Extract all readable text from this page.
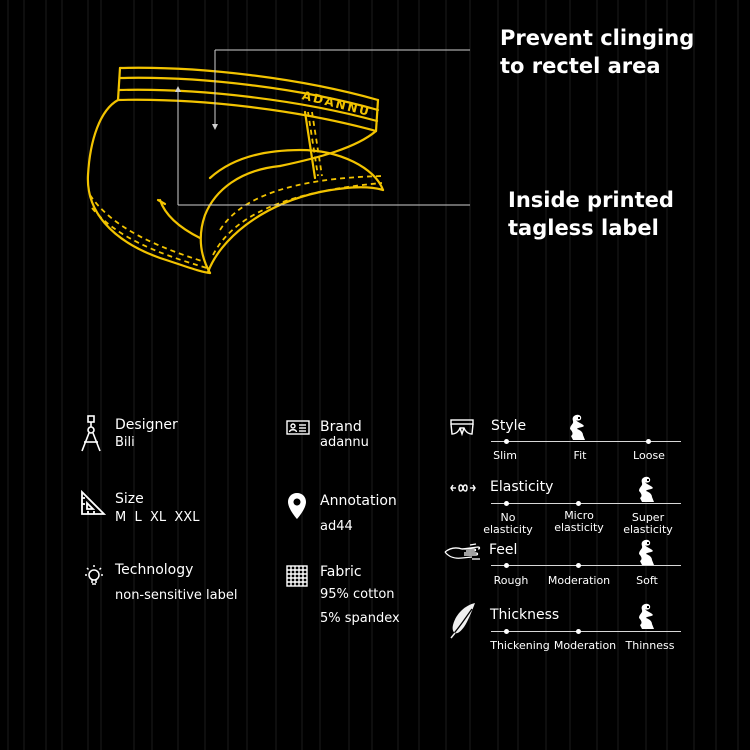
ADANNU
Prevent clinging
to rectel area
Inside printed
tagless label
Designer
Bili
Size
M  L  XL  XXL
Technology
non-sensitive label
Brand
adannu
Annotation
ad44
Fabric
95% cotton
5% spandex
Style
Slim	Fit	Loose
Elasticity
No
elasticity
Micro
elasticity
Super
elasticity
Feel
Rough	Moderation	Soft
Thickness
Thickening Moderation Thinness
